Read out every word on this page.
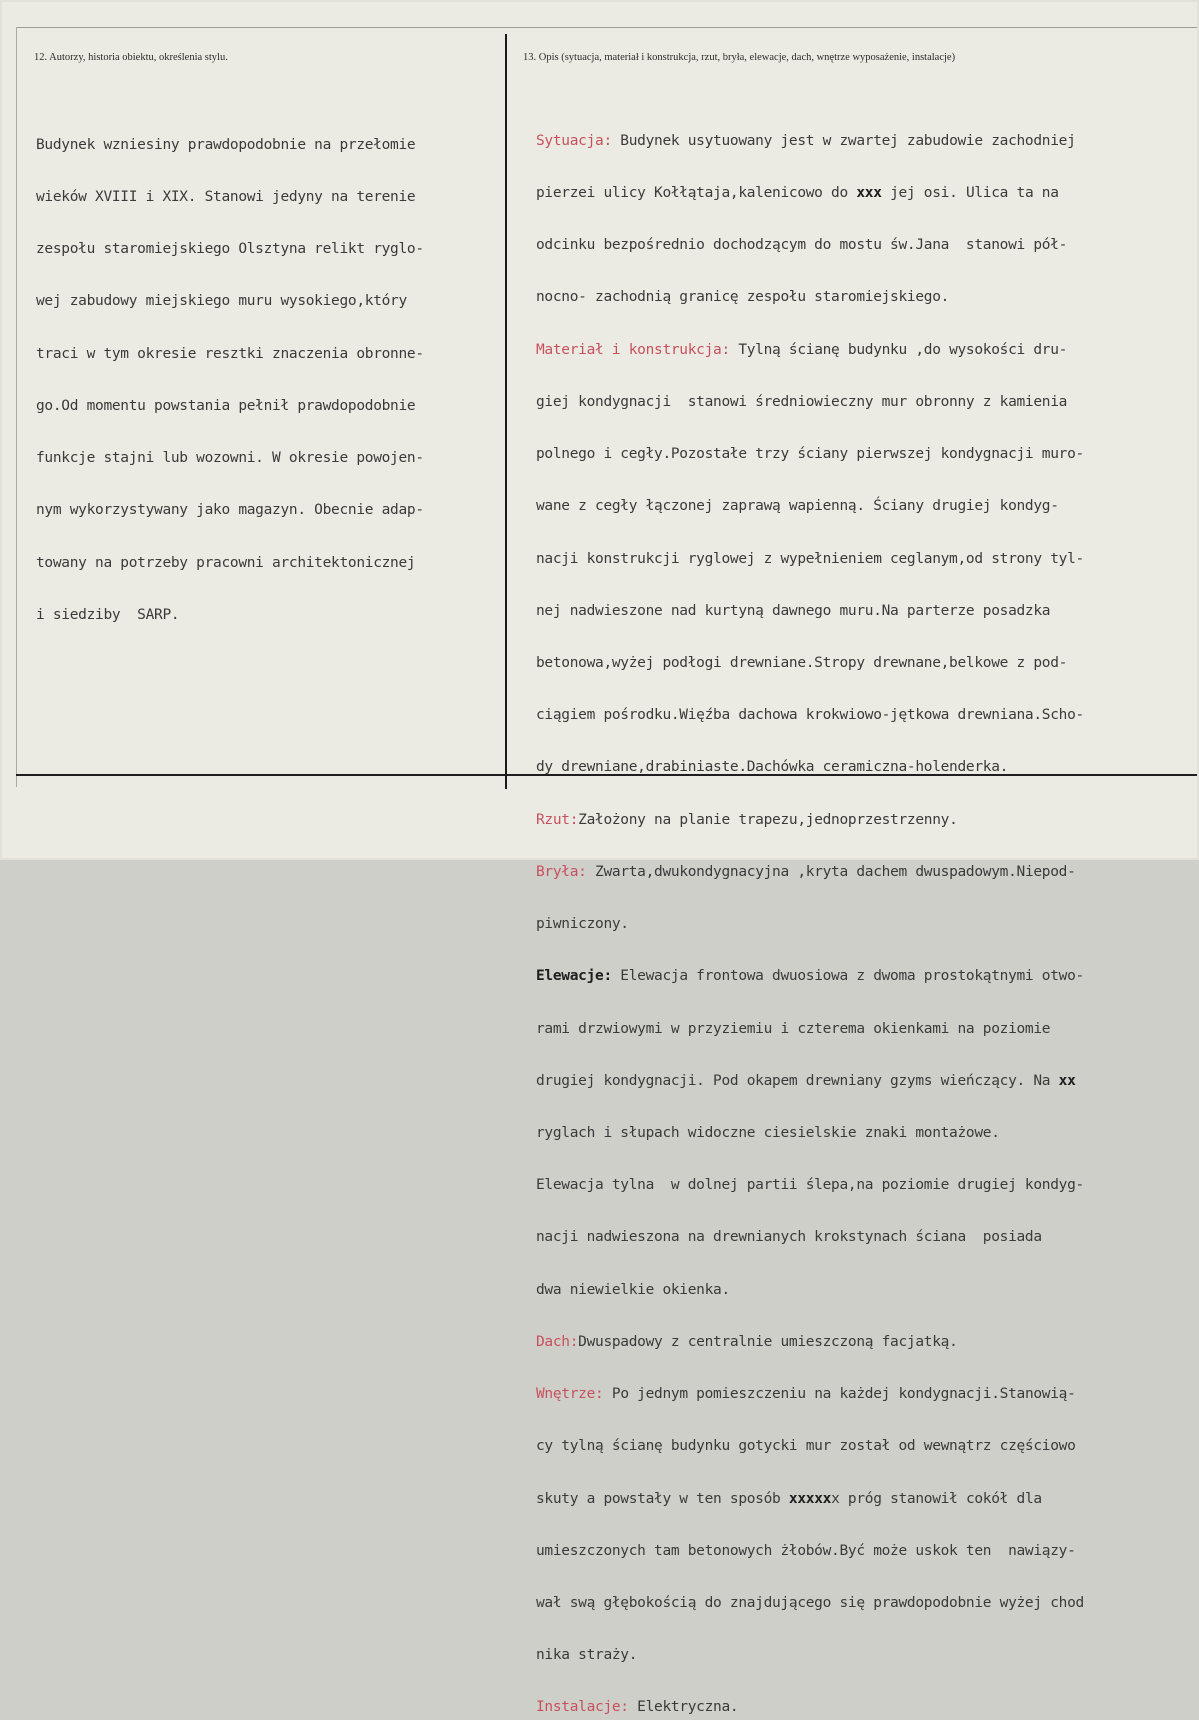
12. Autorzy, historia obiektu, określenia stylu.	13. Opis (sytuacja, materiał i konstrukcja, rzut, bryła, elewacje, dach, wnętrze wyposażenie, instalacje)

Budynek wzniesiny prawdopodobnie na przełomie

wieków XVIII i XIX. Stanowi jedyny na terenie

zespołu staromiejskiego Olsztyna relikt ryglo-

wej zabudowy miejskiego muru wysokiego,który

traci w tym okresie resztki znaczenia obronne-

go.Od momentu powstania pełnił prawdopodobnie

funkcje stajni lub wozowni. W okresie powojen-

nym wykorzystywany jako magazyn. Obecnie adap-

towany na potrzeby pracowni architektonicznej

i siedziby  SARP.

Sytuacja: Budynek usytuowany jest w zwartej zabudowie zachodniej

pierzei ulicy Kołłątaja,kalenicowo do xxx jej osi. Ulica ta na

odcinku bezpośrednio dochodzącym do mostu św.Jana  stanowi pół-

nocno- zachodnią granicę zespołu staromiejskiego.

Materiał i konstrukcja: Tylną ścianę budynku ,do wysokości dru-

giej kondygnacji  stanowi średniowieczny mur obronny z kamienia

polnego i cegły.Pozostałe trzy ściany pierwszej kondygnacji muro-

wane z cegły łączonej zaprawą wapienną. Ściany drugiej kondyg-

nacji konstrukcji ryglowej z wypełnieniem ceglanym,od strony tyl-

nej nadwieszone nad kurtyną dawnego muru.Na parterze posadzka

betonowa,wyżej podłogi drewniane.Stropy drewnane,belkowe z pod-

ciągiem pośrodku.Więźba dachowa krokwiowo-jętkowa drewniana.Scho-

dy drewniane,drabiniaste.Dachówka ceramiczna-holenderka.

Rzut:Założony na planie trapezu,jednoprzestrzenny.

Bryła: Zwarta,dwukondygnacyjna ,kryta dachem dwuspadowym.Niepod-

piwniczony.

Elewacje: Elewacja frontowa dwuosiowa z dwoma prostokątnymi otwo-

rami drzwiowymi w przyziemiu i czterema okienkami na poziomie

drugiej kondygnacji. Pod okapem drewniany gzyms wieńczący. Na xx

ryglach i słupach widoczne ciesielskie znaki montażowe.

Elewacja tylna  w dolnej partii ślepa,na poziomie drugiej kondyg-

nacji nadwieszona na drewnianych krokstynach ściana  posiada

dwa niewielkie okienka.

Dach:Dwuspadowy z centralnie umieszczoną facjatką.

Wnętrze: Po jednym pomieszczeniu na każdej kondygnacji.Stanowią-

cy tylną ścianę budynku gotycki mur został od wewnątrz częściowo

skuty a powstały w ten sposób xxxxxx próg stanowił cokół dla

umieszczonych tam betonowych żłobów.Być może uskok ten  nawiązy-

wał swą głębokością do znajdującego się prawdopodobnie wyżej chod

nika straży.

Instalacje: Elektryczna.
